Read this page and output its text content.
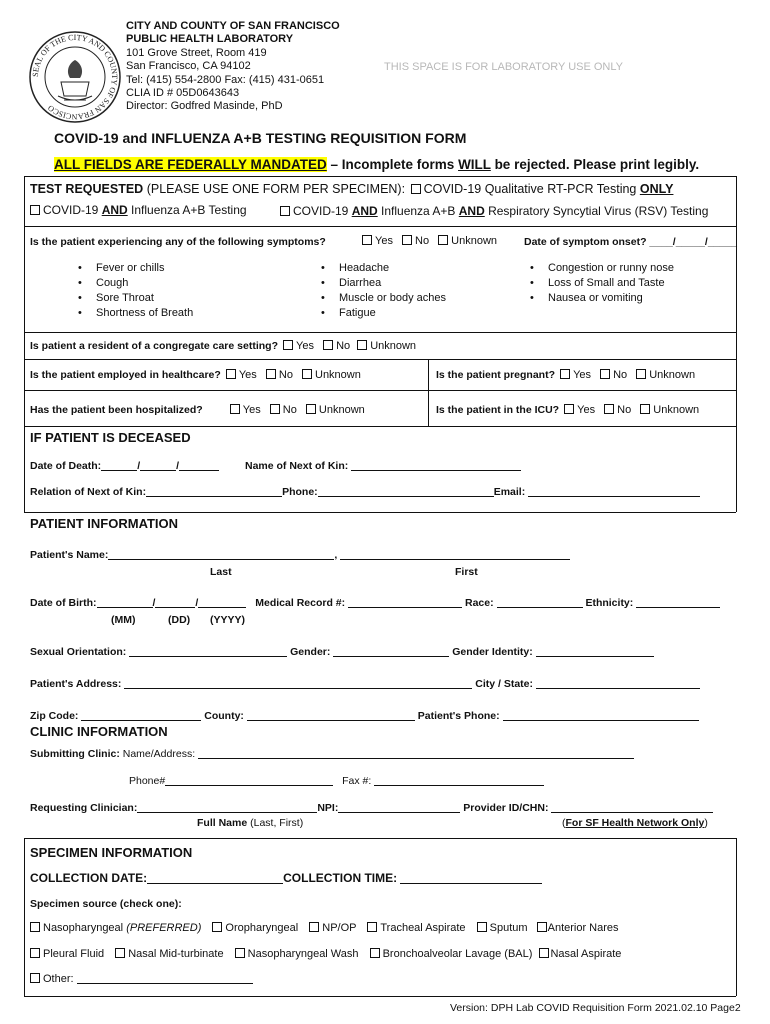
SEAL OF THE CITY AND COUNTY OF SAN FRANCISCO
CITY AND COUNTY OF SAN FRANCISCO
PUBLIC HEALTH LABORATORY
101 Grove Street, Room 419
San Francisco, CA 94102
Tel: (415) 554-2800 Fax: (415) 431-0651
CLIA ID # 05D0643643
Director: Godfred Masinde, PhD
THIS SPACE IS FOR LABORATORY USE ONLY
COVID-19 and INFLUENZA A+B TESTING REQUISITION FORM
ALL FIELDS ARE FEDERALLY MANDATED – Incomplete forms WILL be rejected. Please print legibly.
TEST REQUESTED (PLEASE USE ONE FORM PER SPECIMEN): COVID-19 Qualitative RT-PCR Testing ONLY
COVID-19 AND Influenza A+B Testing	COVID-19 AND Influenza A+B AND Respiratory Syncytial Virus (RSV) Testing
Is the patient experiencing any of the following symptoms?	Yes No Unknown	Date of symptom onset? ____/_____/_____
• Fever or chills
• Cough
• Sore Throat
• Shortness of Breath
• Headache
• Diarrhea
• Muscle or body aches
• Fatigue
• Congestion or runny nose
• Loss of Small and Taste
• Nausea or vomiting
Is patient a resident of a congregate care setting? Yes No Unknown
Is the patient employed in healthcare? Yes No Unknown	Is the patient pregnant? Yes No Unknown
Has the patient been hospitalized?	Yes No Unknown	Is the patient in the ICU? Yes No Unknown
IF PATIENT IS DECEASED
Date of Death:	/	/	Name of Next of Kin:
Relation of Next of Kin:	Phone:	Email:
PATIENT INFORMATION
Patient's Name:	,
Last	First
Date of Birth:	/	/	Medical Record #:	Race:	Ethnicity:
(MM)	(DD) (YYYY)
Sexual Orientation:	Gender:	Gender Identity:
Patient's Address:	City / State:
Zip Code:	County:	Patient's Phone:
CLINIC INFORMATION
Submitting Clinic: Name/Address:
Phone#	Fax #:
Requesting Clinician:	NPI:	Provider ID/CHN:
Full Name (Last, First)	(For SF Health Network Only)
SPECIMEN INFORMATION
COLLECTION DATE:	COLLECTION TIME:
Specimen source (check one):
Nasopharyngeal (PREFERRED) Oropharyngeal NP/OP Tracheal Aspirate Sputum Anterior Nares
Pleural Fluid Nasal Mid-turbinate Nasopharyngeal Wash Bronchoalveolar Lavage (BAL) Nasal Aspirate
Other:
Version: DPH Lab COVID Requisition Form 2021.02.10 Page2
